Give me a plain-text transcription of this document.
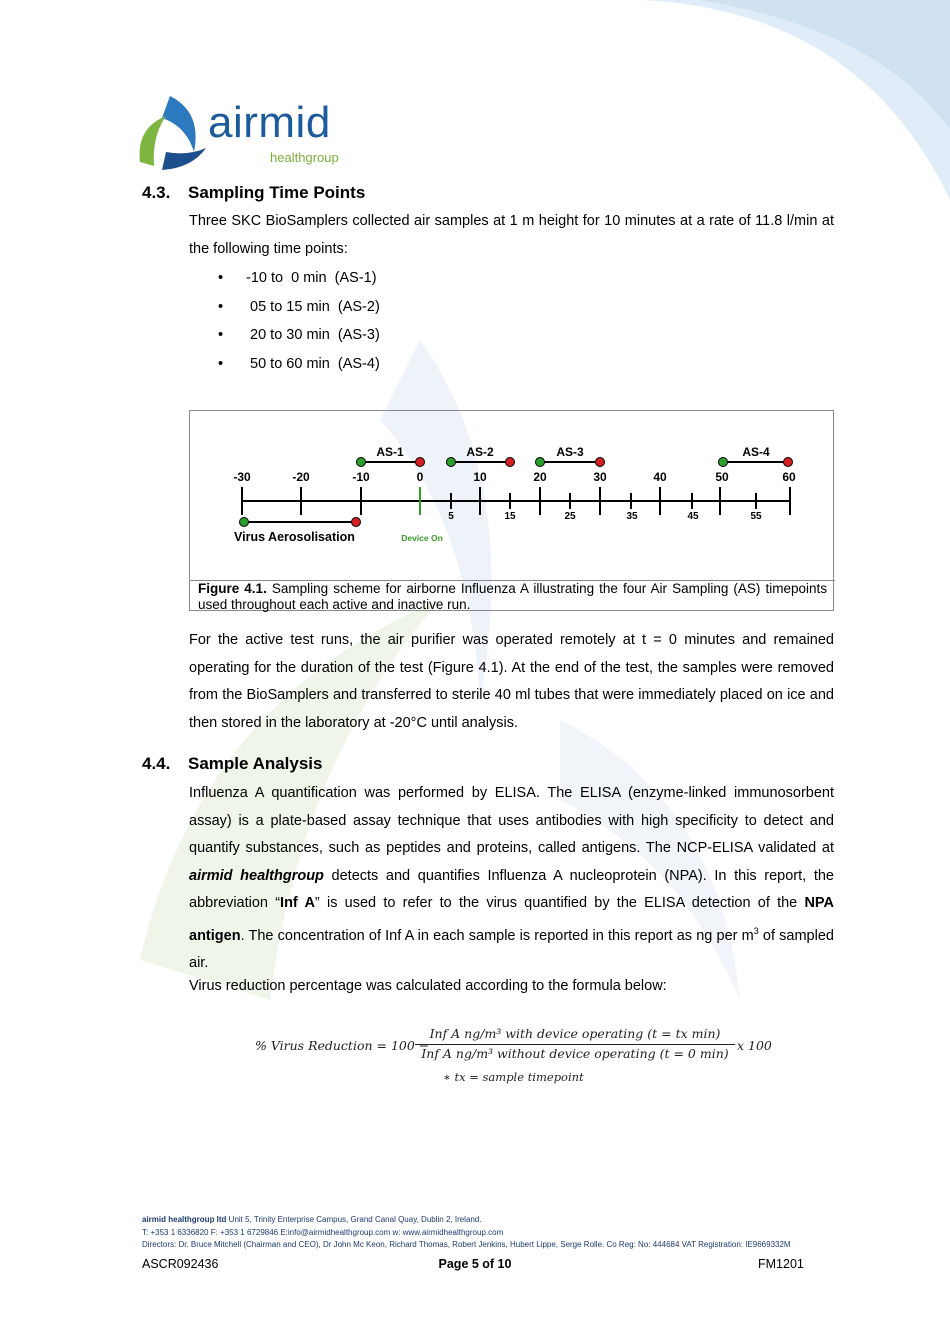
airmid
healthgroup
4.3. Sampling Time Points
Three SKC BioSamplers collected air samples at 1 m height for 10 minutes at a rate of 11.8 l/min at the following time points:
• -10 to  0 min  (AS-1)
• 05 to 15 min  (AS-2)
• 20 to 30 min  (AS-3)
• 50 to 60 min  (AS-4)
-30	-20	-10	0	10	20	30	40	50	60
5	15	25	35	45	55
AS-1	AS-2	AS-3	AS-4
Virus Aerosolisation	Device On
Figure 4.1. Sampling scheme for airborne Influenza A illustrating the four Air Sampling (AS) timepoints used throughout each active and inactive run.
For the active test runs, the air purifier was operated remotely at t = 0 minutes and remained operating for the duration of the test (Figure 4.1). At the end of the test, the samples were removed from the BioSamplers and transferred to sterile 40 ml tubes that were immediately placed on ice and then stored in the laboratory at -20°C until analysis.
4.4. Sample Analysis
Influenza A quantification was performed by ELISA. The ELISA (enzyme-linked immunosorbent assay) is a plate-based assay technique that uses antibodies with high specificity to detect and quantify substances, such as peptides and proteins, called antigens. The NCP-ELISA validated at airmid healthgroup detects and quantifies Influenza A nucleoprotein (NPA). In this report, the abbreviation “Inf A” is used to refer to the virus quantified by the ELISA detection of the NPA antigen. The concentration of Inf A in each sample is reported in this report as ng per $m^3$ of sampled air.
Virus reduction percentage was calculated according to the formula below:
% Virus Reduction = 100 −
Inf A ng/m³ with device operating (t = tx min)
Inf A ng/m³ without device operating (t = 0 min)
x 100
∗ tx = sample timepoint
airmid healthgroup ltd Unit 5, Trinity Enterprise Campus, Grand Canal Quay, Dublin 2, Ireland.
T: +353 1 6336820 F: +353 1 6729846 E:info@airmidhealthgroup.com w: www.airmidhealthgroup.com
Directors: Dr. Bruce Mitchell (Chairman and CEO), Dr John Mc Keon, Richard Thomas, Robert Jenkins, Hubert Lippe, Serge Rolle. Co Reg: No: 444684 VAT Registration: IE9669332M
ASCR092436	Page 5 of 10	FM1201
